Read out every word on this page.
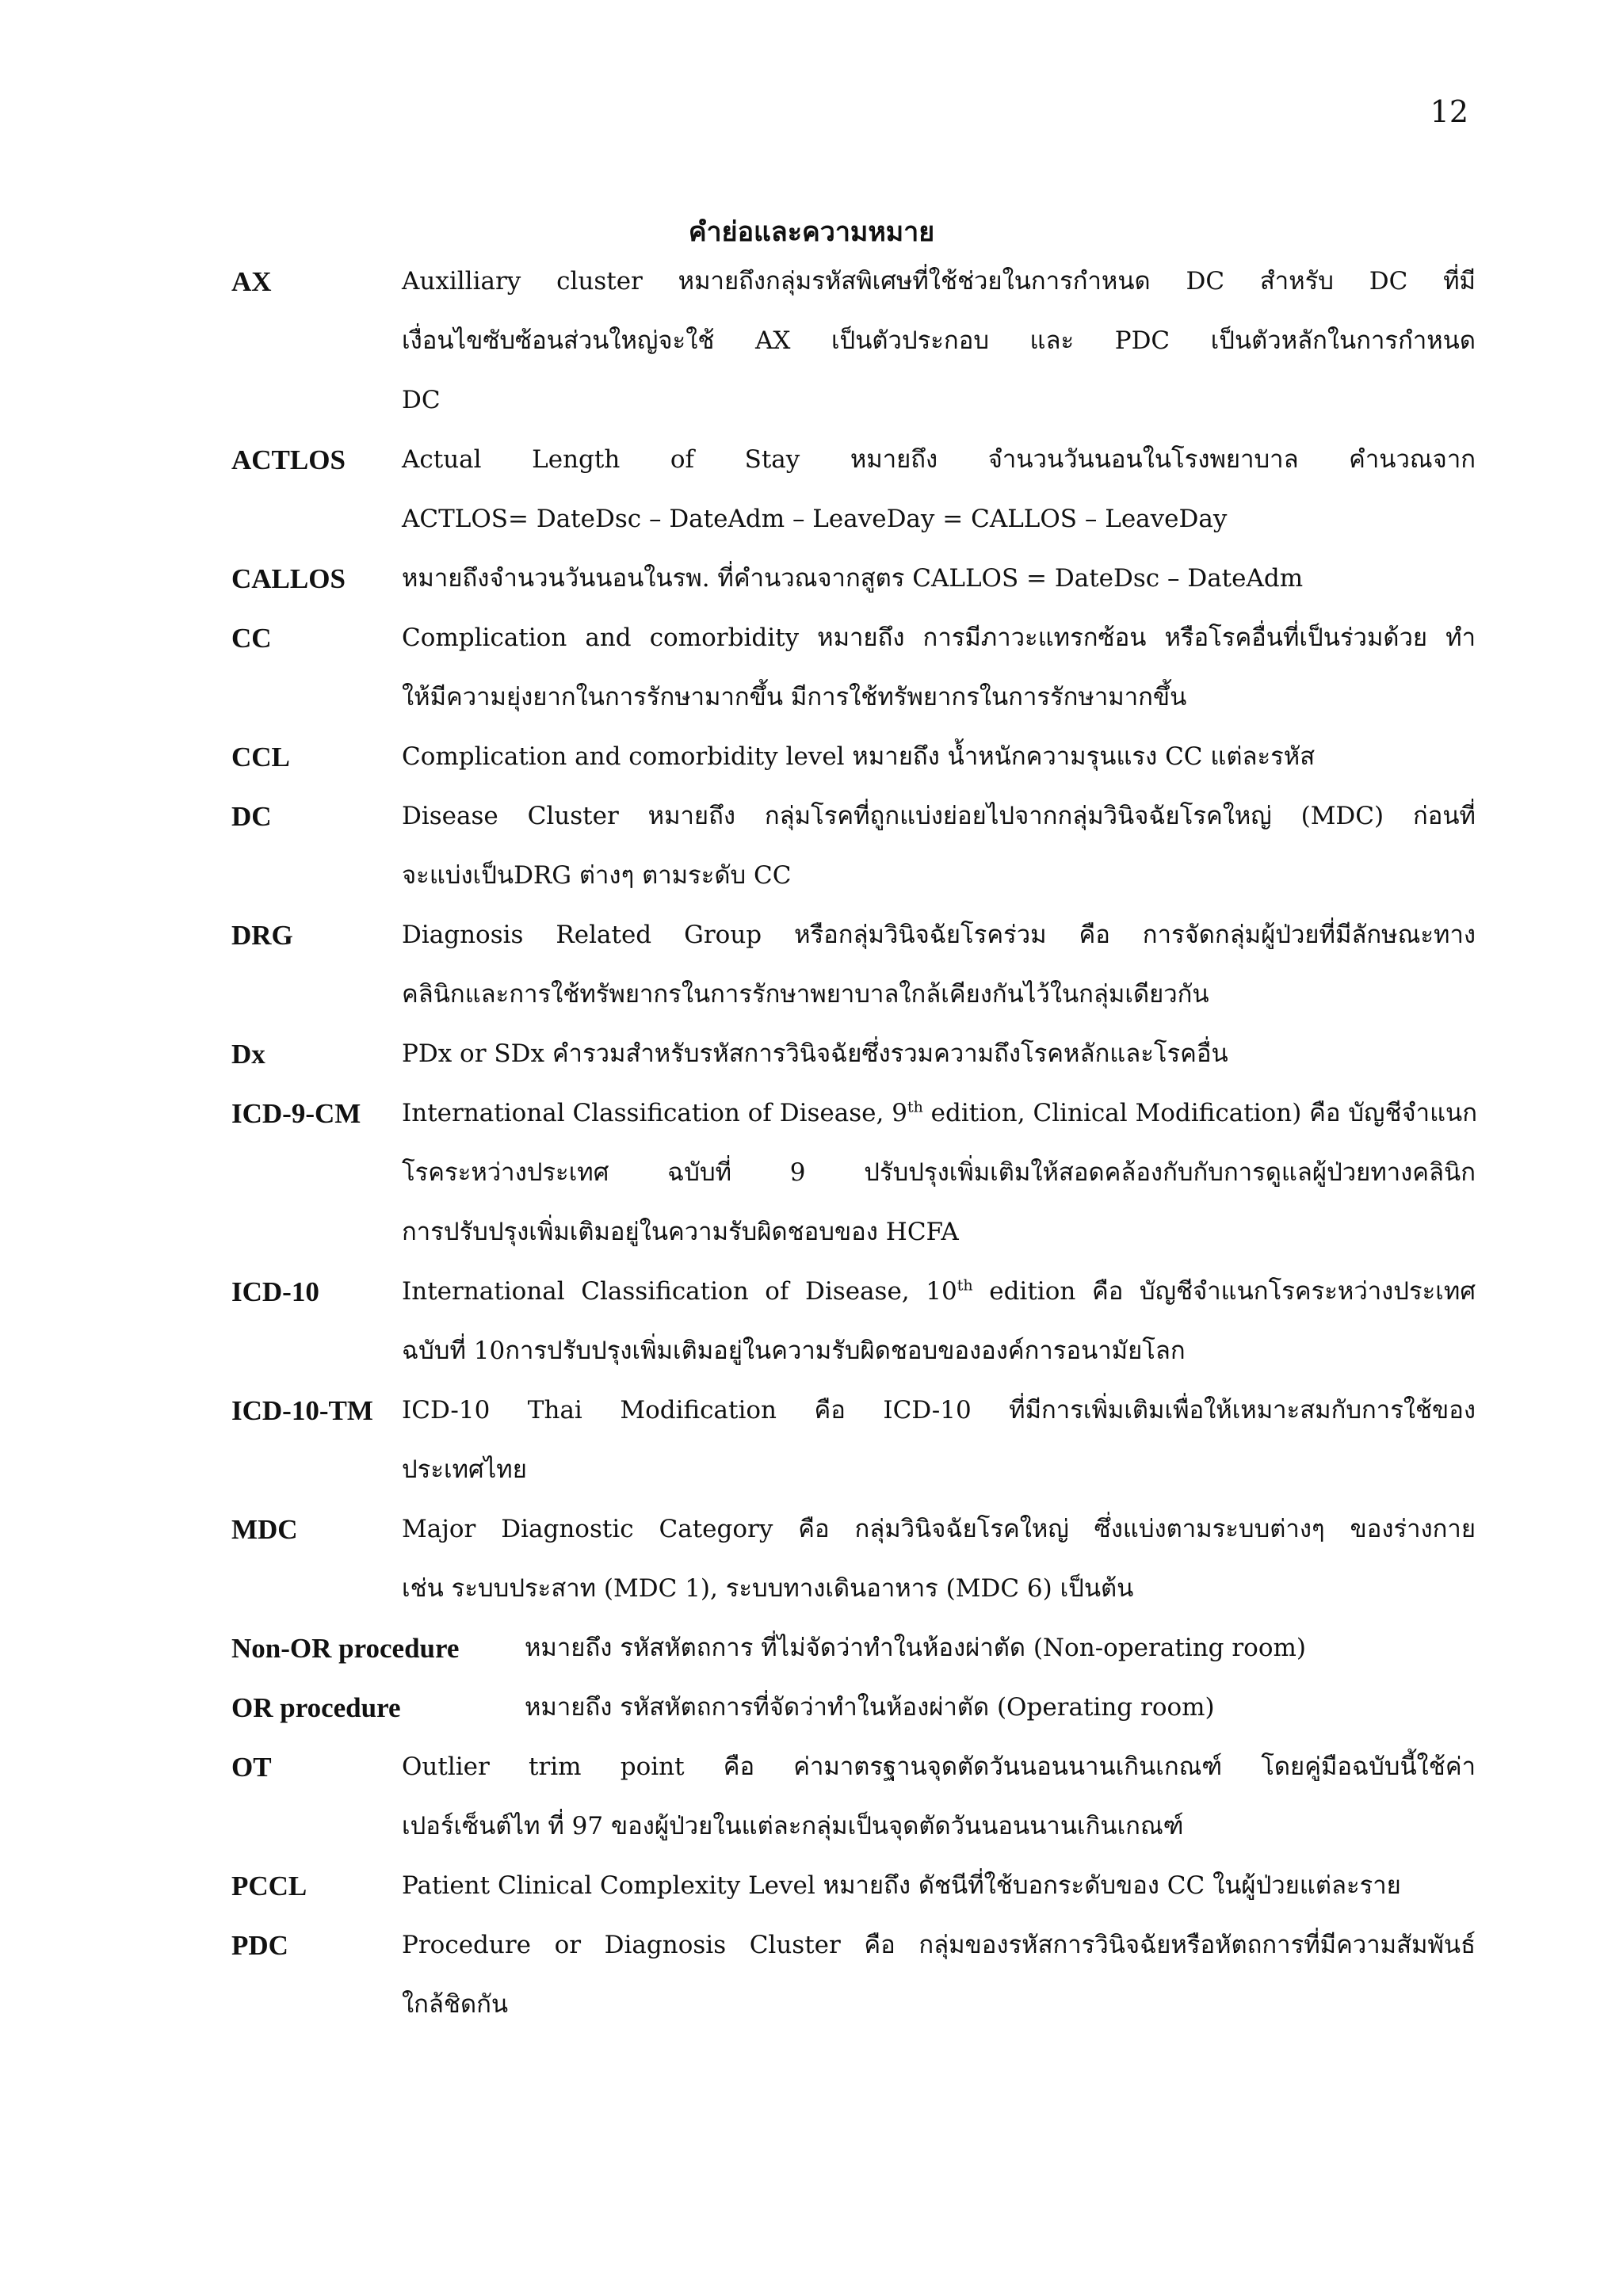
12
คำย่อและความหมาย
AX	Auxilliary cluster หมายถึงกลุ่มรหัสพิเศษที่ใช้ช่วยในการกำหนด DC สำหรับ DC ที่มี
เงื่อนไขซับซ้อนส่วนใหญ่จะใช้ AX เป็นตัวประกอบ และ PDC เป็นตัวหลักในการกำหนด
DC
ACTLOS Actual Length of Stay หมายถึง จำนวนวันนอนในโรงพยาบาล คำนวณจาก
ACTLOS= DateDsc – DateAdm – LeaveDay = CALLOS – LeaveDay
CALLOS หมายถึงจำนวนวันนอนในรพ. ที่คำนวณจากสูตร CALLOS = DateDsc – DateAdm
CC	Complication and comorbidity หมายถึง การมีภาวะแทรกซ้อน หรือโรคอื่นที่เป็นร่วมด้วย ทำ
ให้มีความยุ่งยากในการรักษามากขึ้น มีการใช้ทรัพยากรในการรักษามากขึ้น
CCL	Complication and comorbidity level หมายถึง น้ำหนักความรุนแรง CC แต่ละรหัส
DC	Disease Cluster หมายถึง กลุ่มโรคที่ถูกแบ่งย่อยไปจากกลุ่มวินิจฉัยโรคใหญ่ (MDC) ก่อนที่
จะแบ่งเป็นDRG ต่างๆ ตามระดับ CC
DRG	Diagnosis Related Group หรือกลุ่มวินิจฉัยโรคร่วม คือ การจัดกลุ่มผู้ป่วยที่มีลักษณะทาง
คลินิกและการใช้ทรัพยากรในการรักษาพยาบาลใกล้เคียงกันไว้ในกลุ่มเดียวกัน
Dx	PDx or SDx คำรวมสำหรับรหัสการวินิจฉัยซึ่งรวมความถึงโรคหลักและโรคอื่น
ICD-9-CM International Classification of Disease, 9th edition, Clinical Modification) คือ บัญชีจำแนก
โรคระหว่างประเทศ ฉบับที่ 9 ปรับปรุงเพิ่มเติมให้สอดคล้องกับกับการดูแลผู้ป่วยทางคลินิก
การปรับปรุงเพิ่มเติมอยู่ในความรับผิดชอบของ HCFA
ICD-10	International Classification of Disease, 10th edition คือ บัญชีจำแนกโรคระหว่างประเทศ
ฉบับที่ 10การปรับปรุงเพิ่มเติมอยู่ในความรับผิดชอบขององค์การอนามัยโลก
ICD-10-TM ICD-10 Thai Modification คือ ICD-10 ที่มีการเพิ่มเติมเพื่อให้เหมาะสมกับการใช้ของ
ประเทศไทย
MDC	Major Diagnostic Category คือ กลุ่มวินิจฉัยโรคใหญ่ ซึ่งแบ่งตามระบบต่างๆ ของร่างกาย
เช่น ระบบประสาท (MDC 1), ระบบทางเดินอาหาร (MDC 6) เป็นต้น
Non-OR procedure	หมายถึง รหัสหัตถการ ที่ไม่จัดว่าทำในห้องผ่าตัด (Non-operating room)
OR procedure	หมายถึง รหัสหัตถการที่จัดว่าทำในห้องผ่าตัด (Operating room)
OT	Outlier trim point คือ ค่ามาตรฐานจุดตัดวันนอนนานเกินเกณฑ์ โดยคู่มือฉบับนี้ใช้ค่า
เปอร์เซ็นต์ไท ที่ 97 ของผู้ป่วยในแต่ละกลุ่มเป็นจุดตัดวันนอนนานเกินเกณฑ์
PCCL	Patient Clinical Complexity Level หมายถึง ดัชนีที่ใช้บอกระดับของ CC ในผู้ป่วยแต่ละราย
PDC	Procedure or Diagnosis Cluster คือ กลุ่มของรหัสการวินิจฉัยหรือหัตถการที่มีความสัมพันธ์
ใกล้ชิดกัน
